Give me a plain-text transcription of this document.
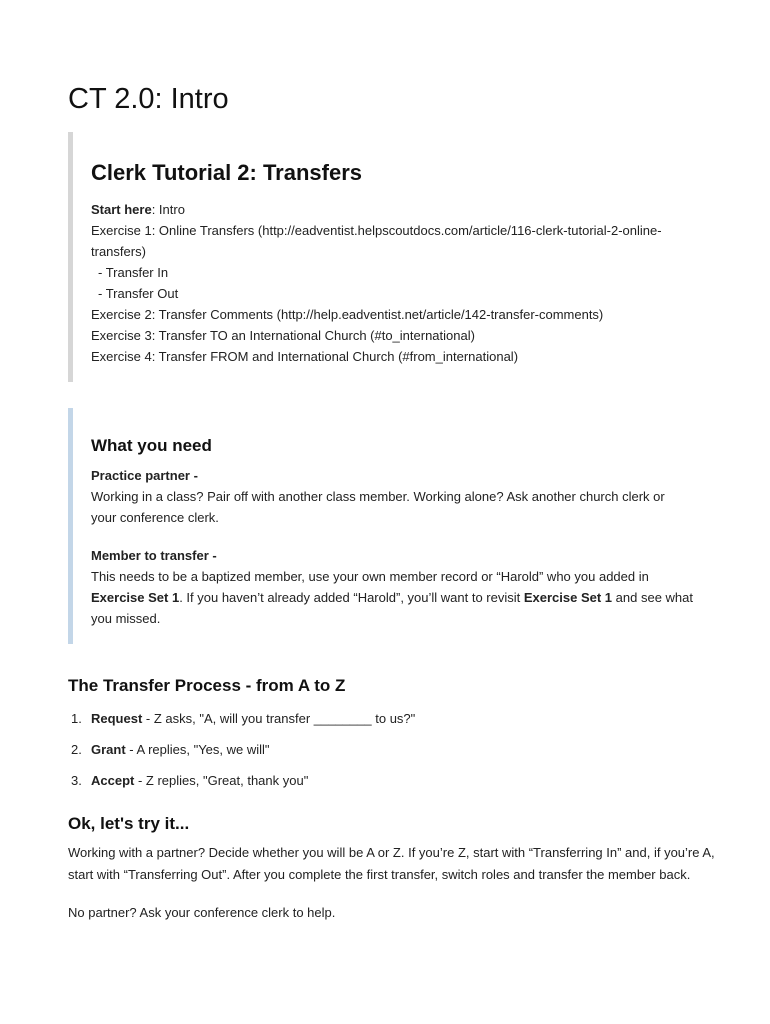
CT 2.0: Intro
Clerk Tutorial 2: Transfers

Start here: Intro

Exercise 1: Online Transfers (http://eadventist.helpscoutdocs.com/article/116-clerk-tutorial-2-online-

transfers)

- Transfer In

- Transfer Out

Exercise 2: Transfer Comments (http://help.eadventist.net/article/142-transfer-comments)

Exercise 3: Transfer TO an International Church (#to_international)

Exercise 4: Transfer FROM and International Church (#from_international)

What you need

Practice partner -

Working in a class? Pair off with another class member. Working alone? Ask another church clerk or

your conference clerk.

Member to transfer -

This needs to be a baptized member, use your own member record or “Harold” who you added in

Exercise Set 1. If you haven’t already added “Harold”, you’ll want to revisit Exercise Set 1 and see what

you missed.

The Transfer Process - from A to Z
1. Request - Z asks, "A, will you transfer ________ to us?"
2. Grant - A replies, "Yes, we will"
3. Accept - Z replies, "Great, thank you"
Ok, let's try it...

Working with a partner? Decide whether you will be A or Z. If you’re Z, start with “Transferring In” and, if you’re A,
start with “Transferring Out”. After you complete the first transfer, switch roles and transfer the member back.

No partner? Ask your conference clerk to help.
